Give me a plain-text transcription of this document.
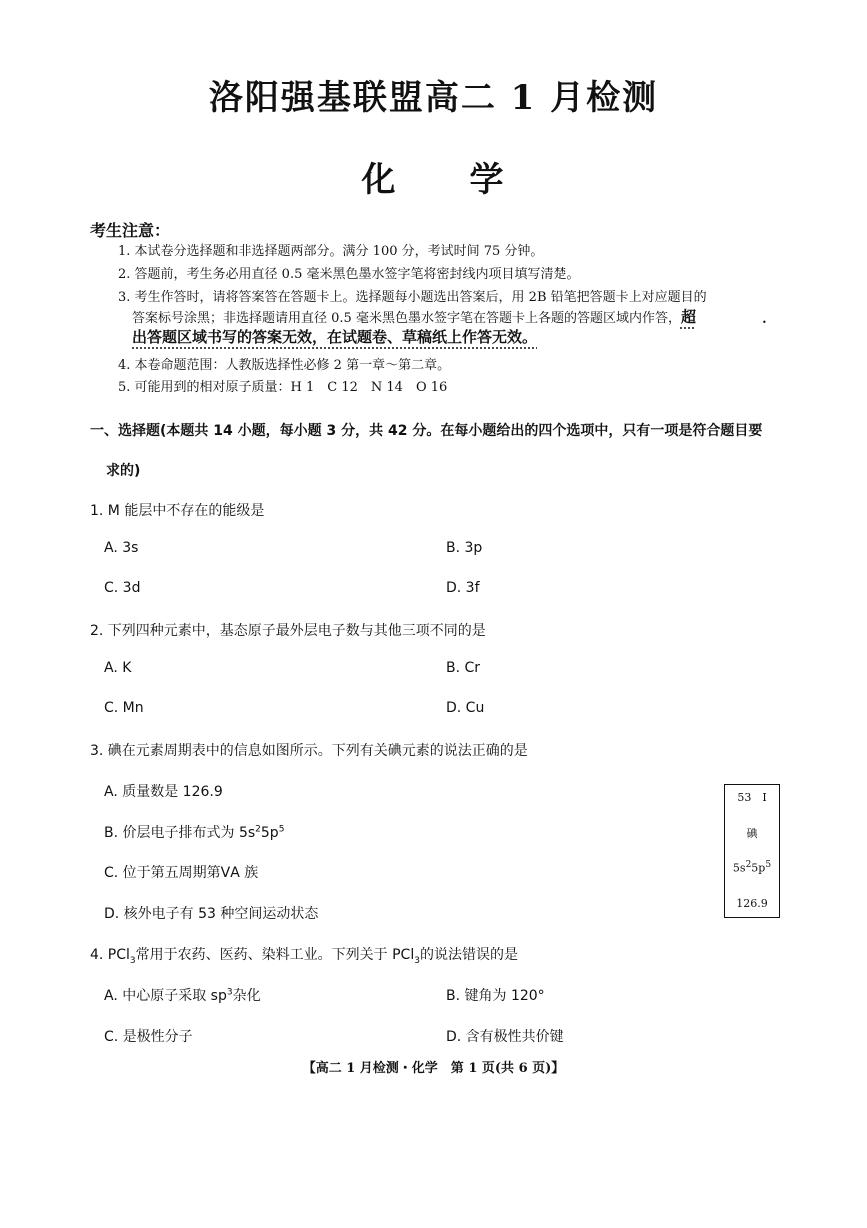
洛阳强基联盟高二 1 月检测
化　　学
考生注意：
1. 本试卷分选择题和非选择题两部分。满分 100 分，考试时间 75 分钟。
2. 答题前，考生务必用直径 0.5 毫米黑色墨水签字笔将密封线内项目填写清楚。
3. 考生作答时，请将答案答在答题卡上。选择题每小题选出答案后，用 2B 铅笔把答题卡上对应题目的
答案标号涂黑；非选择题请用直径 0.5 毫米黑色墨水签字笔在答题卡上各题的答题区域内作答，超
出答题区域书写的答案无效，在试题卷、草稿纸上作答无效。
•
4. 本卷命题范围：人教版选择性必修 2 第一章～第二章。
5. 可能用到的相对原子质量：H 1　C 12　N 14　O 16
一、选择题(本题共 14 小题，每小题 3 分，共 42 分。在每小题给出的四个选项中，只有一项是符合题目要
求的)
1. M 能层中不存在的能级是
A. 3s	B. 3p
C. 3d	D. 3f
2. 下列四种元素中，基态原子最外层电子数与其他三项不同的是
A. K	B. Cr
C. Mn	D. Cu
3. 碘在元素周期表中的信息如图所示。下列有关碘元素的说法正确的是
A. 质量数是 126.9
B. 价层电子排布式为 $5s^25p^5$
C. 位于第五周期第ⅤA 族
D. 核外电子有 53 种空间运动状态
53　I
碘
$5s^25p^5$
126.9
4. PCl$_3$常用于农药、医药、染料工业。下列关于 PCl$_3$的说法错误的是
A. 中心原子采取 $sp^3$杂化	B. 键角为 120°
C. 是极性分子	D. 含有极性共价键
【高二 1 月检测・化学　第 1 页(共 6 页)】
